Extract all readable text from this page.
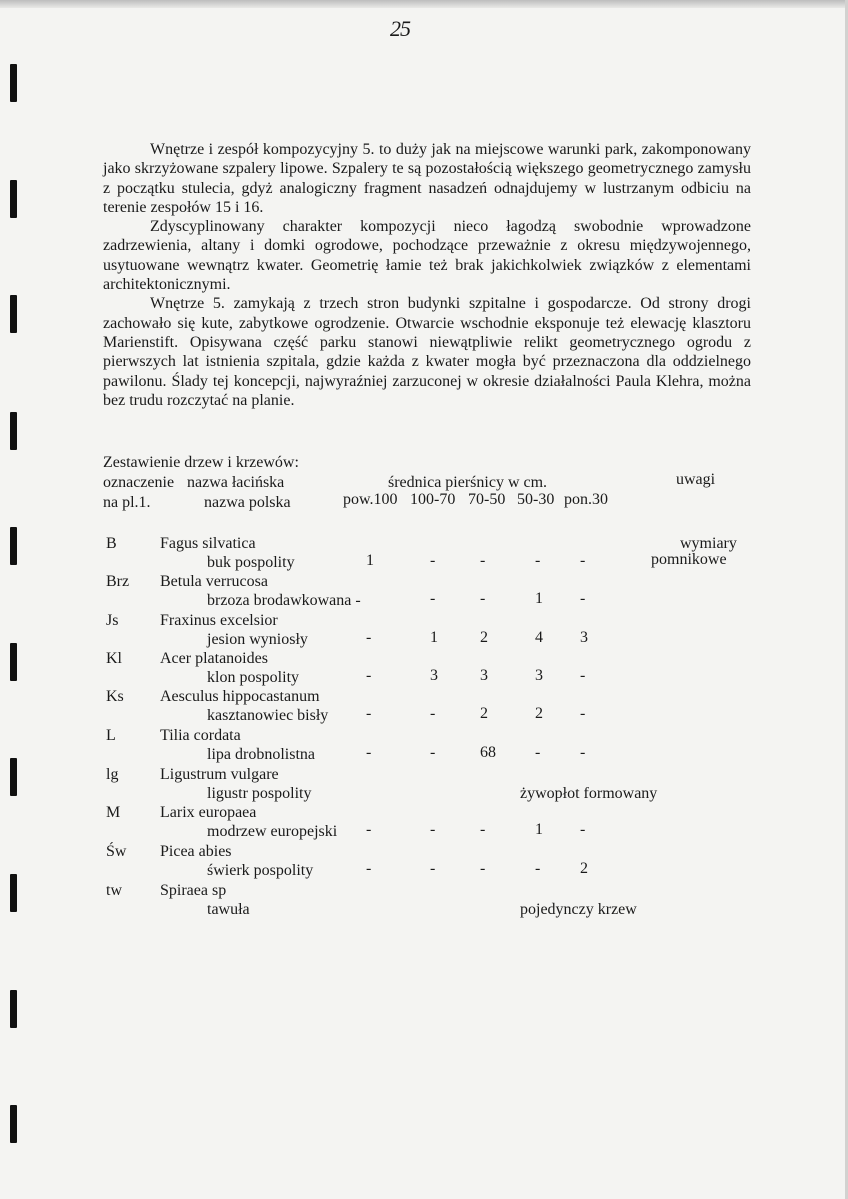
25

Wnętrze i zespół kompozycyjny 5. to duży jak na miejscowe warunki park, zakomponowany jako skrzyżowane szpalery lipowe. Szpalery te są pozostałością większego geometrycznego zamysłu z początku stulecia, gdyż analogiczny fragment nasadzeń odnajdujemy w lustrzanym odbiciu na terenie zespołów 15 i 16.

Zdyscyplinowany charakter kompozycji nieco łagodzą swobodnie wprowadzone zadrzewienia, altany i domki ogrodowe, pochodzące przeważnie z okresu międzywojennego, usytuowane wewnątrz kwater. Geometrię łamie też brak jakichkolwiek związków z elementami architektonicznymi.

Wnętrze 5. zamykają z trzech stron budynki szpitalne i gospodarcze. Od strony drogi zachowało się kute, zabytkowe ogrodzenie. Otwarcie wschodnie eksponuje też elewację klasztoru Marienstift. Opisywana część parku stanowi niewątpliwie relikt geometrycznego ogrodu z pierwszych lat istnienia szpitala, gdzie każda z kwater mogła być przeznaczona dla oddzielnego pawilonu. Ślady tej koncepcji, najwyraźniej zarzuconej w okresie działalności Paula Klehra, można bez trudu rozczytać na planie.

Zestawienie drzew i krzewów:
oznaczenie nazwa łacińska	średnica pierśnicy w cm.	uwagi
na pl.1.	nazwa polska	pow.100 100-70 70-50 50-30 pon.30
B	Fagus silvatica
buk pospolity	1	-	-	- -
wymiary
pomnikowe
Brz Betula verrucosa
brzoza brodawkowana -	-	-	1 -
Js	Fraxinus excelsior
jesion wyniosły	-	1	2	4 3
Kl Acer platanoides
klon pospolity	-	3	3	3 -
Ks Aesculus hippocastanum
kasztanowiec bisły -	-	2	2 -
L	Tilia cordata
lipa drobnolistna	-	-	68 - -
lg	Ligustrum vulgare
ligustr pospolity	żywopłot formowany
M Larix europaea
modrzew europejski -	-	-	1 -
Św Picea abies
świerk pospolity	-	-	-	- 2
tw Spiraea sp
tawuła	pojedynczy krzew
